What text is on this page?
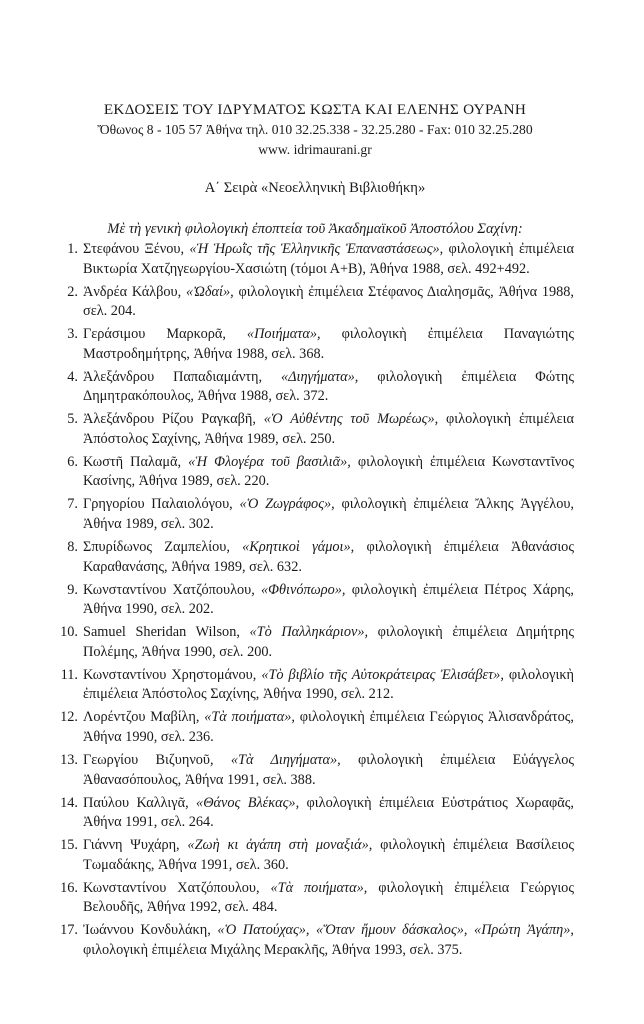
ΕΚΔΟΣΕΙΣ ΤΟΥ ΙΔΡΥΜΑΤΟΣ ΚΩΣΤΑ ΚΑΙ ΕΛΕΝΗΣ ΟΥΡΑΝΗ
Ὄθωνος 8 - 105 57 Ἀθήνα τηλ. 010 32.25.338 - 32.25.280 - Fax: 010 32.25.280
www. idrimaurani.gr
Α΄ Σειρὰ «Νεοελληνικὴ Βιβλιοθήκη»
Μὲ τὴ γενικὴ φιλολογικὴ ἐποπτεία τοῦ Ἀκαδημαϊκοῦ Ἀποστόλου Σαχίνη:
1. Στεφάνου Ξένου, «Ἡ Ἡρωῒς τῆς Ἑλληνικῆς Ἐπαναστάσεως», φιλολογικὴ ἐπιμέλεια Βικτωρία Χατζηγεωργίου-Χασιώτη (τόμοι Α+Β), Ἀθήνα 1988, σελ. 492+492.
2. Ἀνδρέα Κάλβου, «Ὠδαί», φιλολογικὴ ἐπιμέλεια Στέφανος Διαλησμᾶς, Ἀθήνα 1988, σελ. 204.
3. Γεράσιμου Μαρκορᾶ, «Ποιήματα», φιλολογικὴ ἐπιμέλεια Παναγιώτης Μαστροδημήτρης, Ἀθήνα 1988, σελ. 368.
4. Ἀλεξάνδρου Παπαδιαμάντη, «Διηγήματα», φιλολογικὴ ἐπιμέλεια Φώτης Δημητρακόπουλος, Ἀθήνα 1988, σελ. 372.
5. Ἀλεξάνδρου Ρίζου Ραγκαβῆ, «Ὁ Αὐθέντης τοῦ Μωρέως», φιλολογικὴ ἐπιμέλεια Ἀπόστολος Σαχίνης, Ἀθήνα 1989, σελ. 250.
6. Κωστῆ Παλαμᾶ, «Ἡ Φλογέρα τοῦ βασιλιᾶ», φιλολογικὴ ἐπιμέλεια Κωνσταντῖνος Κασίνης, Ἀθήνα 1989, σελ. 220.
7. Γρηγορίου Παλαιολόγου, «Ὁ Ζωγράφος», φιλολογικὴ ἐπιμέλεια Ἄλκης Ἀγγέλου, Ἀθήνα 1989, σελ. 302.
8. Σπυρίδωνος Ζαμπελίου, «Κρητικοὶ γάμοι», φιλολογικὴ ἐπιμέλεια Ἀθανάσιος Καραθανάσης, Ἀθήνα 1989, σελ. 632.
9. Κωνσταντίνου Χατζόπουλου, «Φθινόπωρο», φιλολογικὴ ἐπιμέλεια Πέτρος Χάρης, Ἀθήνα 1990, σελ. 202.
10. Samuel Sheridan Wilson, «Τὸ Παλληκάριον», φιλολογικὴ ἐπιμέλεια Δημήτρης Πολέμης, Ἀθήνα 1990, σελ. 200.
11. Κωνσταντίνου Χρηστομάνου, «Τὸ βιβλίο τῆς Αὐτοκράτειρας Ἐλισάβετ», φιλολογικὴ ἐπιμέλεια Ἀπόστολος Σαχίνης, Ἀθήνα 1990, σελ. 212.
12. Λορέντζου Μαβίλη, «Τὰ ποιήματα», φιλολογικὴ ἐπιμέλεια Γεώργιος Ἀλισανδράτος, Ἀθήνα 1990, σελ. 236.
13. Γεωργίου Βιζυηνοῦ, «Τὰ Διηγήματα», φιλολογικὴ ἐπιμέλεια Εὐάγγελος Ἀθανασόπουλος, Ἀθήνα 1991, σελ. 388.
14. Παύλου Καλλιγᾶ, «Θάνος Βλέκας», φιλολογικὴ ἐπιμέλεια Εὐστράτιος Χωραφᾶς, Ἀθήνα 1991, σελ. 264.
15. Γιάννη Ψυχάρη, «Ζωὴ κι ἀγάπη στὴ μοναξιά», φιλολογικὴ ἐπιμέλεια Βασίλειος Τωμαδάκης, Ἀθήνα 1991, σελ. 360.
16. Κωνσταντίνου Χατζόπουλου, «Τὰ ποιήματα», φιλολογικὴ ἐπιμέλεια Γεώργιος Βελουδῆς, Ἀθήνα 1992, σελ. 484.
17. Ἰωάννου Κονδυλάκη, «Ὁ Πατούχας», «Ὅταν ἤμουν δάσκαλος», «Πρώτη Ἀγάπη», φιλολογικὴ ἐπιμέλεια Μιχάλης Μερακλῆς, Ἀθήνα 1993, σελ. 375.
